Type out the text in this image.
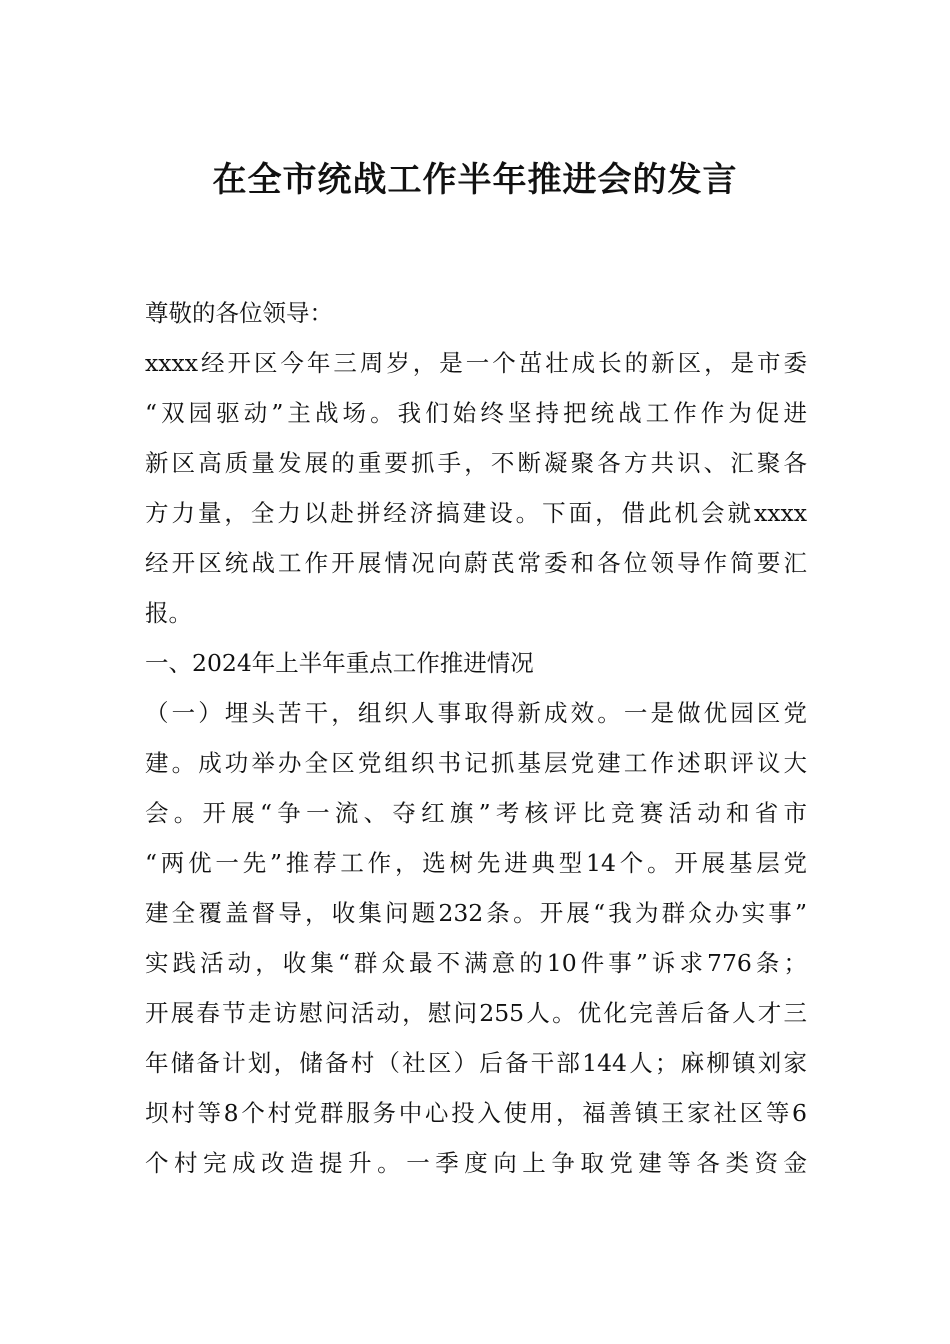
在全市统战工作半年推进会的发言
尊敬的各位领导：
xxxx经开区今年三周岁，是一个茁壮成长的新区，是市委
“双园驱动”主战场。我们始终坚持把统战工作作为促进
新区高质量发展的重要抓手，不断凝聚各方共识、汇聚各
方力量，全力以赴拼经济搞建设。下面，借此机会就xxxx
经开区统战工作开展情况向蔚芪常委和各位领导作简要汇
报。
一、2024年上半年重点工作推进情况
（一）埋头苦干，组织人事取得新成效。一是做优园区党
建。成功举办全区党组织书记抓基层党建工作述职评议大
会。开展“争一流、夺红旗”考核评比竞赛活动和省市
“两优一先”推荐工作，选树先进典型14个。开展基层党
建全覆盖督导，收集问题232条。开展“我为群众办实事”
实践活动，收集“群众最不满意的10件事”诉求776条；
开展春节走访慰问活动，慰问255人。优化完善后备人才三
年储备计划，储备村（社区）后备干部144人；麻柳镇刘家
坝村等8个村党群服务中心投入使用，福善镇王家社区等6
个村完成改造提升。一季度向上争取党建等各类资金
